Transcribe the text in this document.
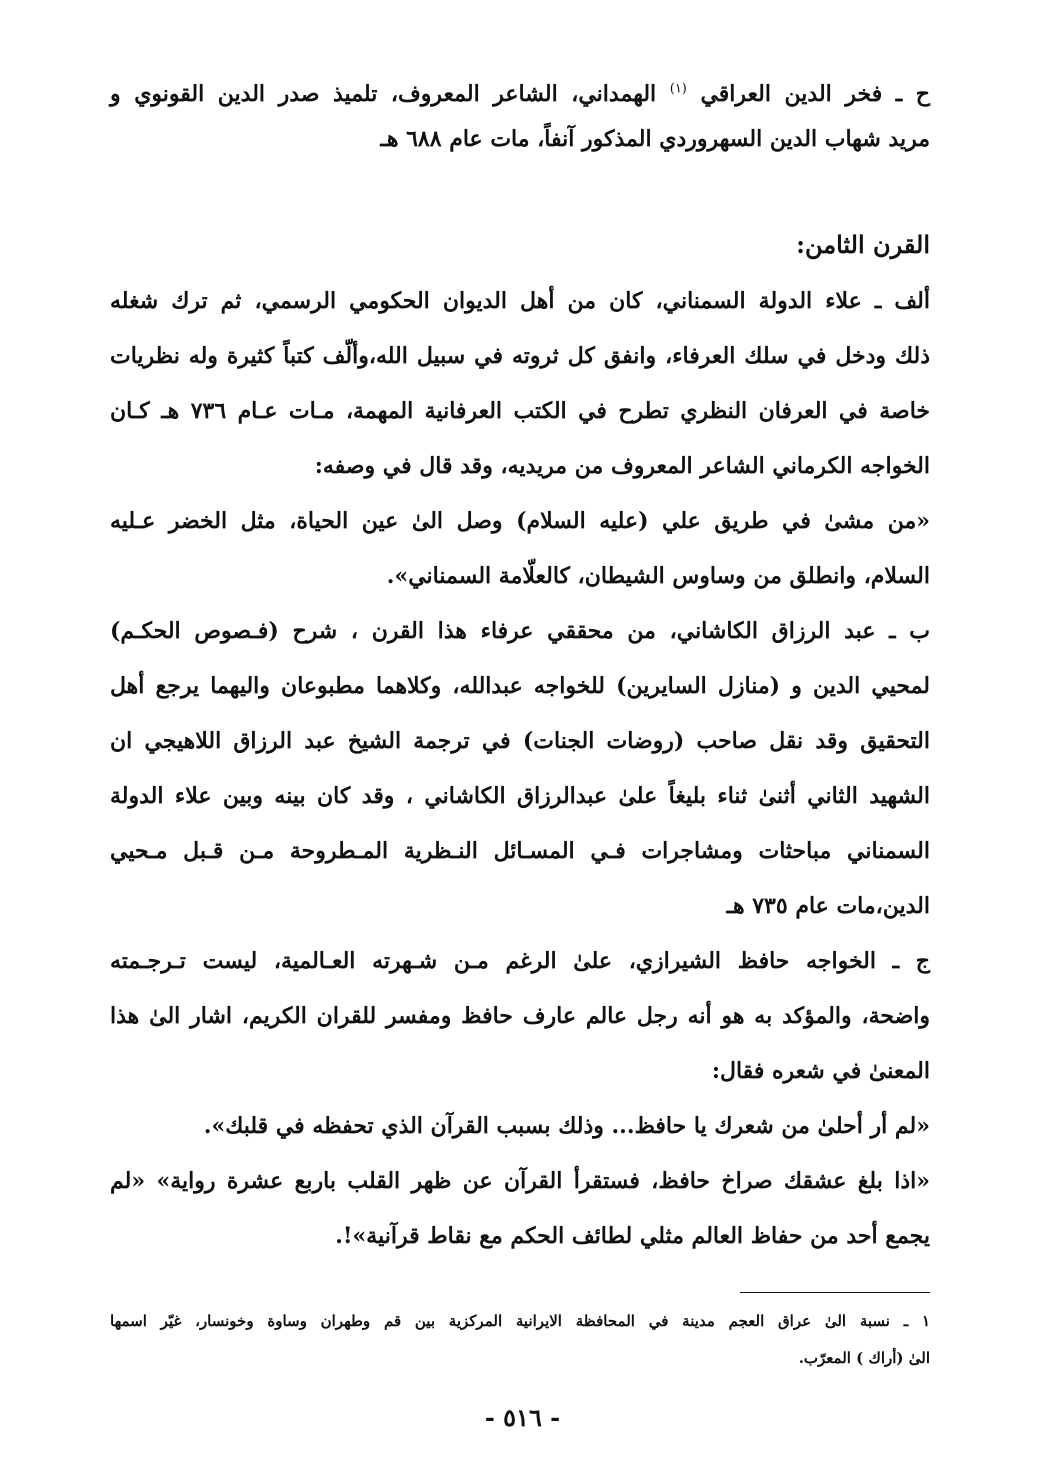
ح ـ فخر الدين العراقي $^{(١)}$ الهمداني، الشاعر المعروف، تلميذ صدر الدين القونوي و
مريد شهاب الدين السهروردي المذكور آنفاً، مات عام ٦٨٨ هـ
القرن الثامن:
ألف ـ علاء الدولة السمناني، كان من أهل الديوان الحكومي الرسمي، ثم ترك شغله
ذلك ودخل في سلك العرفاء، وانفق كل ثروته في سبيل الله،وألّف كتباً كثيرة وله نظريات
خاصة في العرفان النظري تطرح في الكتب العرفانية المهمة، مـات عـام ٧٣٦ هـ كـان
الخواجه الكرماني الشاعر المعروف من مريديه، وقد قال في وصفه:
«من مشىٰ في طريق علي (عليه السلام) وصل الىٰ عين الحياة، مثل الخضر عـليه
السلام، وانطلق من وساوس الشيطان، كالعلّامة السمناني».
ب ـ عبد الرزاق الكاشاني، من محققي عرفاء هذا القرن ، شرح (فـصوص الحكـم)
لمحيي الدين و (منازل السايرين) للخواجه عبدالله، وكلاهما مطبوعان واليهما يرجع أهل
التحقيق وقد نقل صاحب (روضات الجنات) في ترجمة الشيخ عبد الرزاق اللاهيجي ان
الشهيد الثاني أثنىٰ ثناء بليغاً علىٰ عبدالرزاق الكاشاني ، وقد كان بينه وبين علاء الدولة
السمناني مباحثات ومشاجرات فـي المسـائل النـظرية المـطروحة مـن قـبل مـحيي
الدين،مات عام ٧٣٥ هـ
ج ـ الخواجه حافظ الشيرازي، علىٰ الرغم مـن شـهرته العـالمية، ليست تـرجـمته
واضحة، والمؤكد به هو أنه رجل عالم عارف حافظ ومفسر للقران الكريم، اشار الىٰ هذا
المعنىٰ في شعره فقال:
«لم أر أحلىٰ من شعرك يا حافظ... وذلك بسبب القرآن الذي تحفظه في قلبك».
«اذا بلغ عشقك صراخ حافظ، فستقرأ القرآن عن ظهر القلب باربع عشرة رواية» «لم
يجمع أحد من حفاظ العالم مثلي لطائف الحكم مع نقاط قرآنية»!.
١ ـ نسبة الىٰ عراق العجم مدينة في المحافظة الايرانية المركزية بين قم وطهران وساوة وخونسار، غيّر اسمها
الىٰ (أراك ) المعرّب.
- ٥١٦ -
